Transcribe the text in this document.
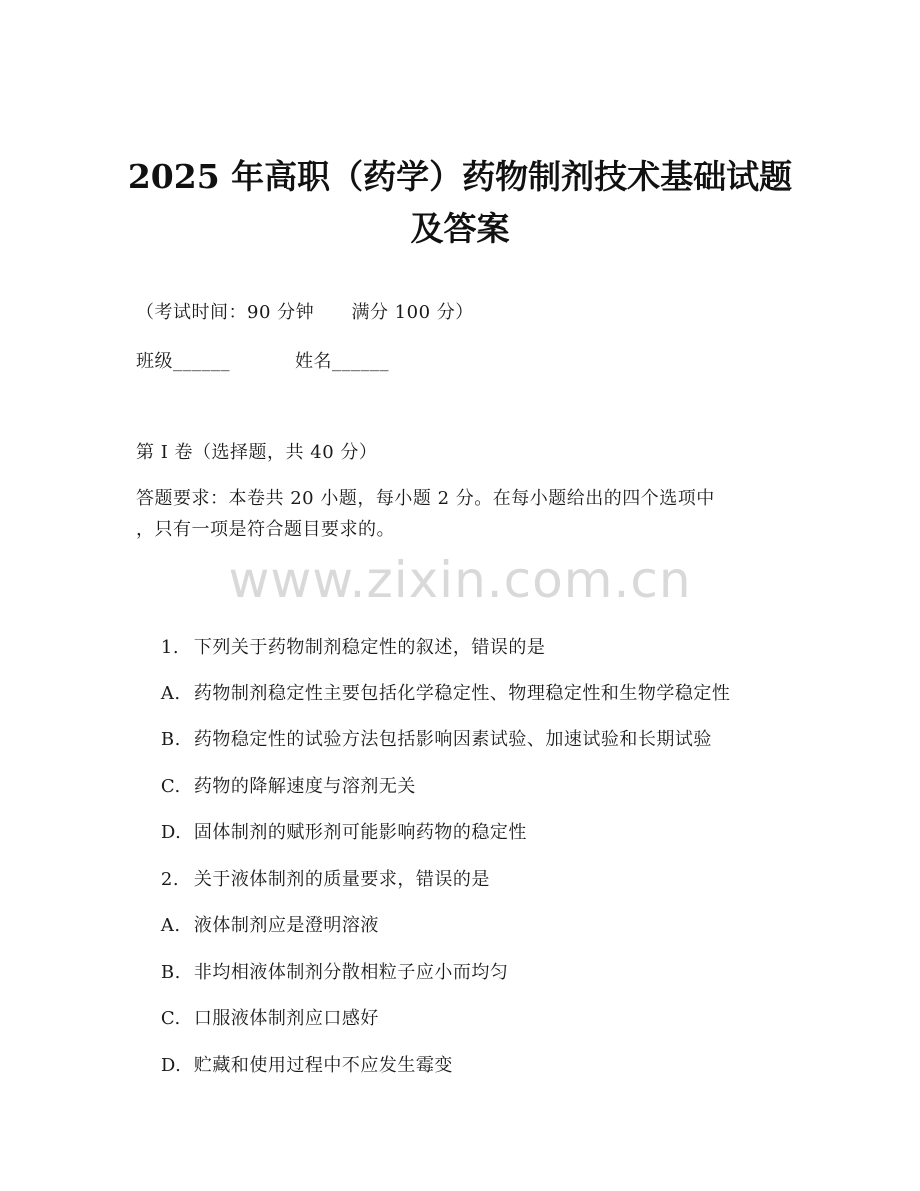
2025 年高职（药学）药物制剂技术基础试题
及答案
（考试时间：90 分钟      满分 100 分）
班级______	姓名______
第 I 卷（选择题，共 40 分）
答题要求：本卷共 20 小题，每小题 2 分。在每小题给出的四个选项中
，只有一项是符合题目要求的。
www.zixin.com.cn

1. 下列关于药物制剂稳定性的叙述，错误的是

A. 药物制剂稳定性主要包括化学稳定性、物理稳定性和生物学稳定性

B. 药物稳定性的试验方法包括影响因素试验、加速试验和长期试验

C. 药物的降解速度与溶剂无关

D. 固体制剂的赋形剂可能影响药物的稳定性

2. 关于液体制剂的质量要求，错误的是

A. 液体制剂应是澄明溶液

B. 非均相液体制剂分散相粒子应小而均匀

C. 口服液体制剂应口感好

D. 贮藏和使用过程中不应发生霉变
